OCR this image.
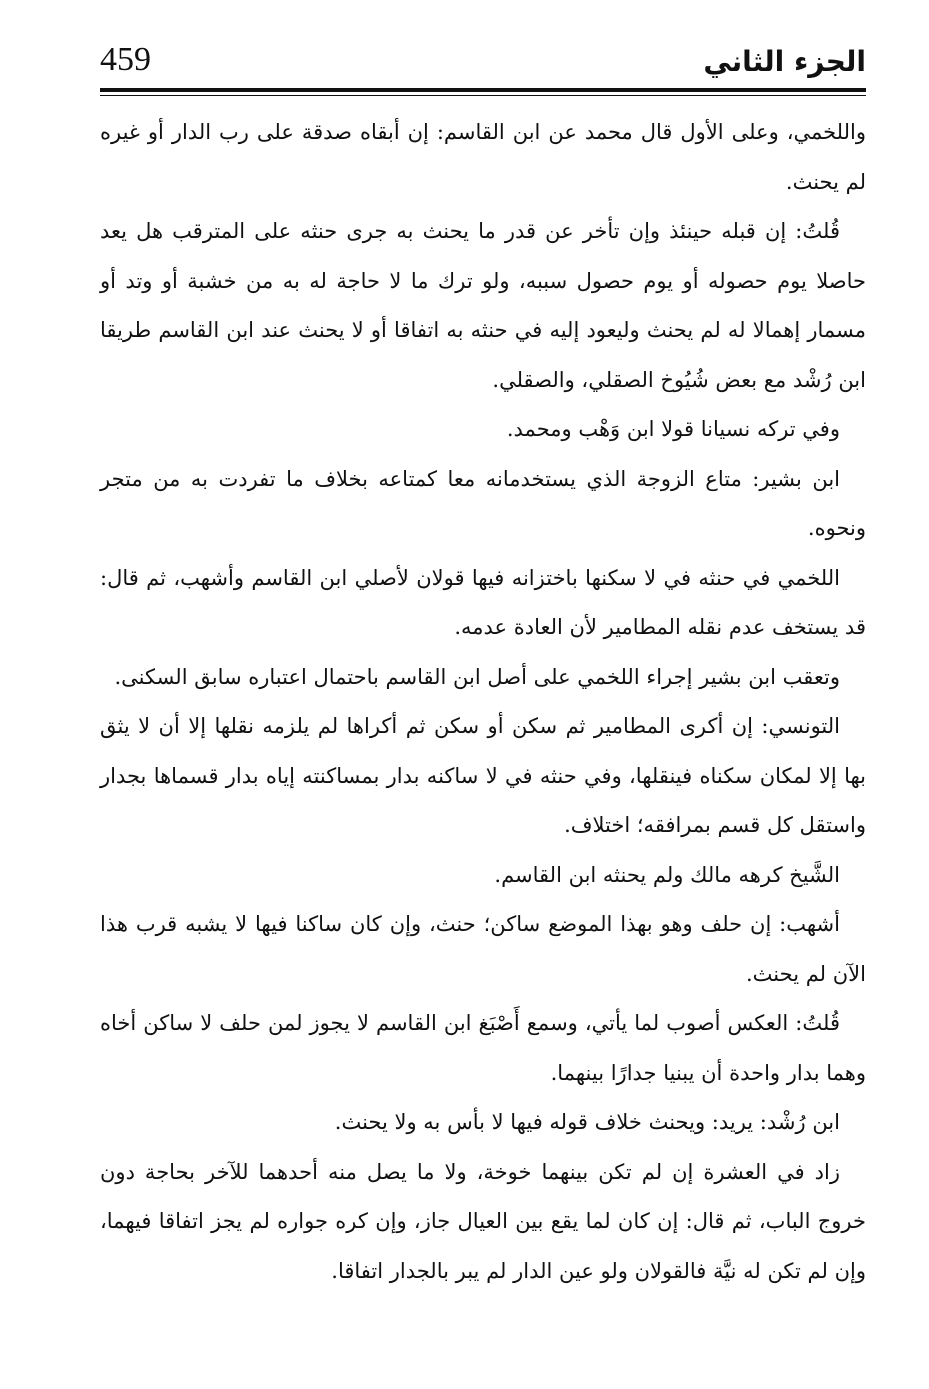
459	الجزء الثاني

واللخمي، وعلى الأول قال محمد عن ابن القاسم: إن أبقاه صدقة على رب الدار أو غيره لم يحنث.

قُلتُ: إن قبله حينئذ وإن تأخر عن قدر ما يحنث به جرى حنثه على المترقب هل يعد حاصلا يوم حصوله أو يوم حصول سببه، ولو ترك ما لا حاجة له به من خشبة أو وتد أو مسمار إهمالا له لم يحنث وليعود إليه في حنثه به اتفاقا أو لا يحنث عند ابن القاسم طريقا ابن رُشْد مع بعض شُيُوخ الصقلي، والصقلي.

وفي تركه نسيانا قولا ابن وَهْب ومحمد.

ابن بشير: متاع الزوجة الذي يستخدمانه معا كمتاعه بخلاف ما تفردت به من متجر ونحوه.

اللخمي في حنثه في لا سكنها باختزانه فيها قولان لأصلي ابن القاسم وأشهب، ثم قال: قد يستخف عدم نقله المطامير لأن العادة عدمه.

وتعقب ابن بشير إجراء اللخمي على أصل ابن القاسم باحتمال اعتباره سابق السكنى.

التونسي: إن أكرى المطامير ثم سكن أو سكن ثم أكراها لم يلزمه نقلها إلا أن لا يثق بها إلا لمكان سكناه فينقلها، وفي حنثه في لا ساكنه بدار بمساكنته إياه بدار قسماها بجدار واستقل كل قسم بمرافقه؛ اختلاف.

الشَّيخ كرهه مالك ولم يحنثه ابن القاسم.

أشهب: إن حلف وهو بهذا الموضع ساكن؛ حنث، وإن كان ساكنا فيها لا يشبه قرب هذا الآن لم يحنث.

قُلتُ: العكس أصوب لما يأتي، وسمع أَصْبَغ ابن القاسم لا يجوز لمن حلف لا ساكن أخاه وهما بدار واحدة أن يبنيا جدارًا بينهما.

ابن رُشْد: يريد: ويحنث خلاف قوله فيها لا بأس به ولا يحنث.

زاد في العشرة إن لم تكن بينهما خوخة، ولا ما يصل منه أحدهما للآخر بحاجة دون خروج الباب، ثم قال: إن كان لما يقع بين العيال جاز، وإن كره جواره لم يجز اتفاقا فيهما، وإن لم تكن له نيَّة فالقولان ولو عين الدار لم يبر بالجدار اتفاقا.
